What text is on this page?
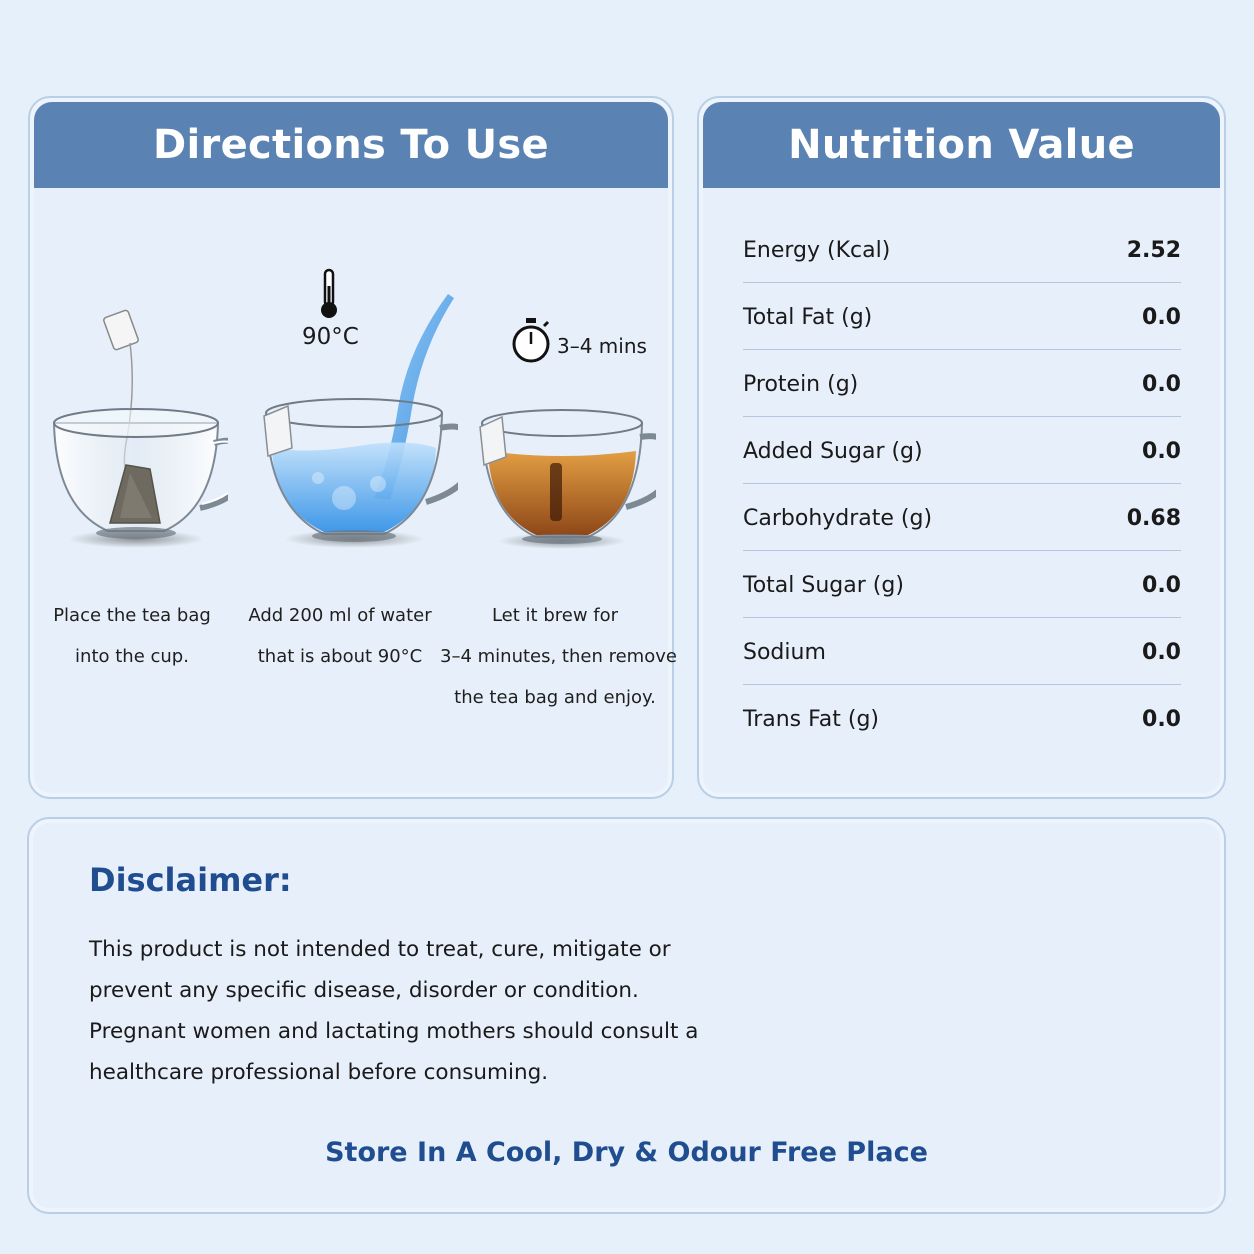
Directions To Use
90°C	3–4 mins
Place the tea bag
into the cup.
Add 200 ml of water
that is about 90°C
Let it brew for
3–4 minutes, then remove
the tea bag and enjoy.
Nutrition Value
Energy (Kcal)	2.52
Total Fat (g)	0.0
Protein (g)	0.0
Added Sugar (g)	0.0
Carbohydrate (g)	0.68
Total Sugar (g)	0.0
Sodium	0.0
Trans Fat (g)	0.0
Disclaimer:
This product is not intended to treat, cure, mitigate or
prevent any specific disease, disorder or condition.
Pregnant women and lactating mothers should consult a
healthcare professional before consuming.
Store In A Cool, Dry & Odour Free Place
